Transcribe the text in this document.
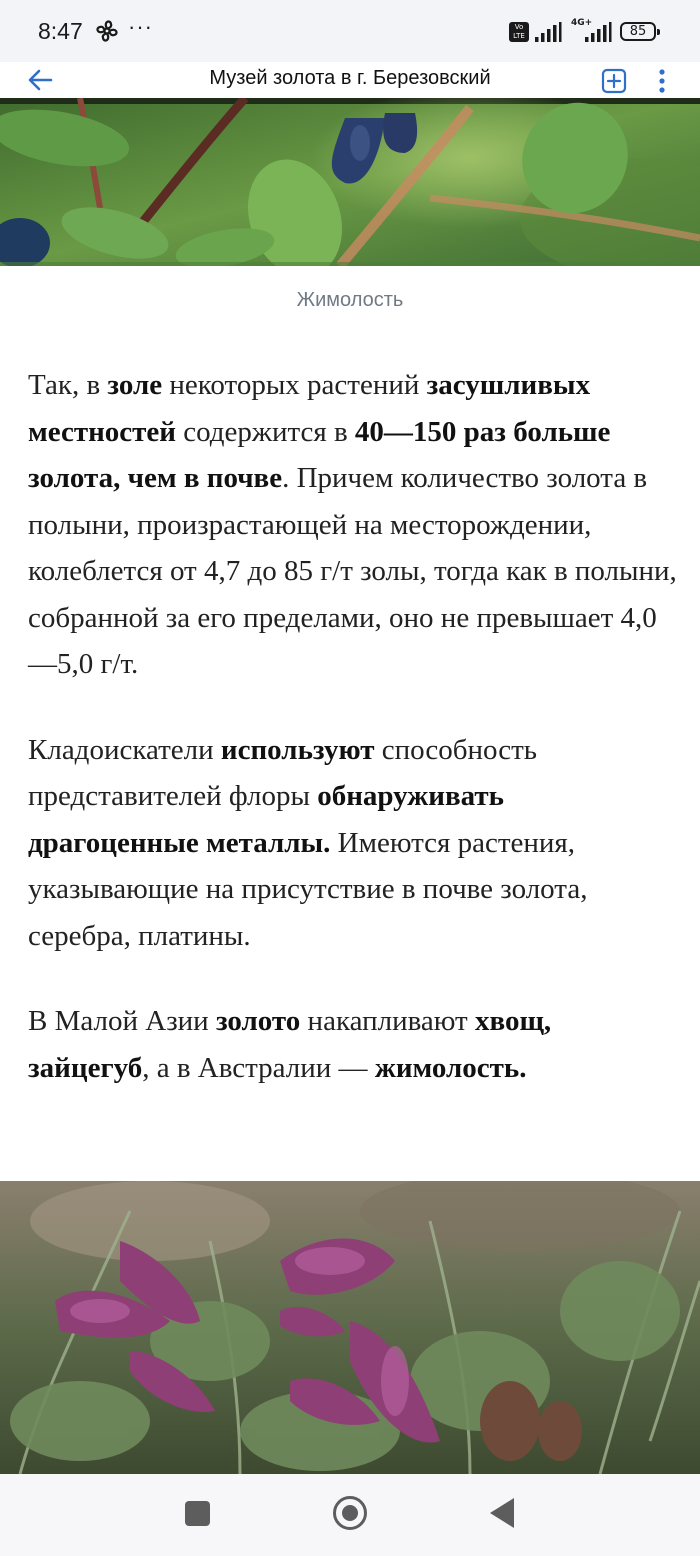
8:47 ···	Vo LTE
4G+
85
Музей золота в г. Березовский
Жимолость

Так, в золе некоторых растений засушливых местностей содержится в 40—150 раз больше золота, чем в почве. Причем количество золота в полыни, произрастающей на месторождении, колеблется от 4,7 до 85 г/т золы, тогда как в полыни, собранной за его пределами, оно не превышает 4,0—5,0 г/т.

Кладоискатели используют способность представителей флоры обнаруживать драгоценные металлы. Имеются растения, указывающие на присутствие в почве золота, серебра, платины.

В Малой Азии золото накапливают хвощ, зайцегуб, а в Австралии — жимолость.
